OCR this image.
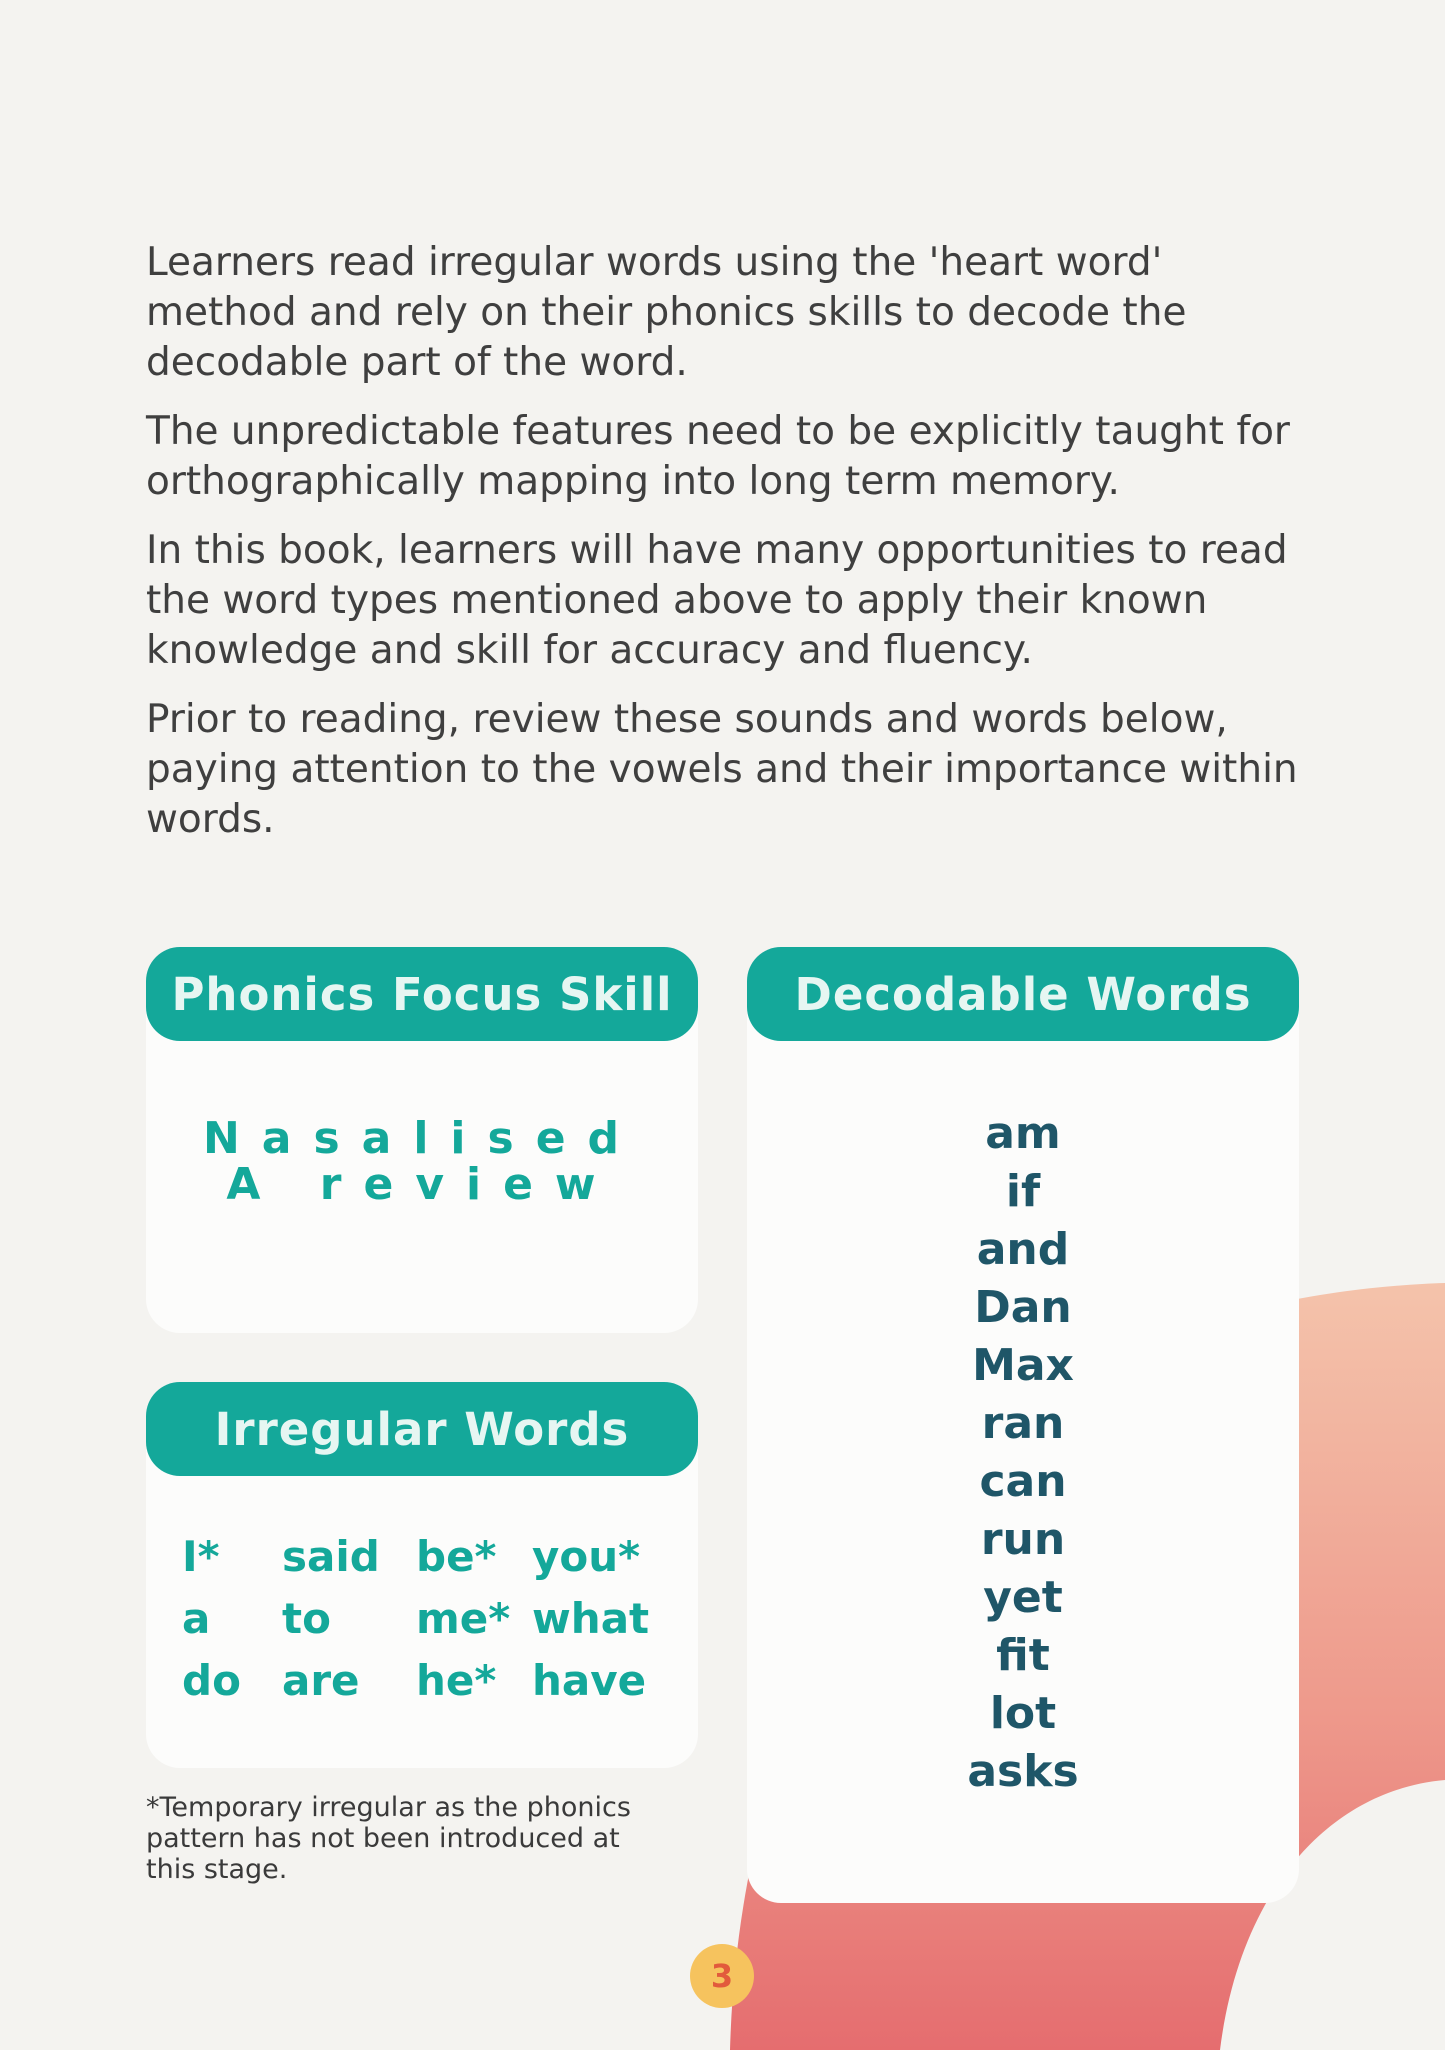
Learners read irregular words using the 'heart word' method and rely on their phonics skills to decode the decodable part of the word.

The unpredictable features need to be explicitly taught for orthographically mapping into long term memory.

In this book, learners will have many opportunities to read the word types mentioned above to apply their known knowledge and skill for accuracy and fluency.

Prior to reading, review these sounds and words below, paying attention to the vowels and their importance within words.

Phonics Focus Skill
Nasalised A review
Irregular Words
I*	said be* you*
a	to	me* what
do are	he* have
Decodable Words
am
if
and
Dan
Max
ran
can
run
yet
fit
lot
asks
*Temporary irregular as the phonics pattern has not been introduced at this stage.
3
